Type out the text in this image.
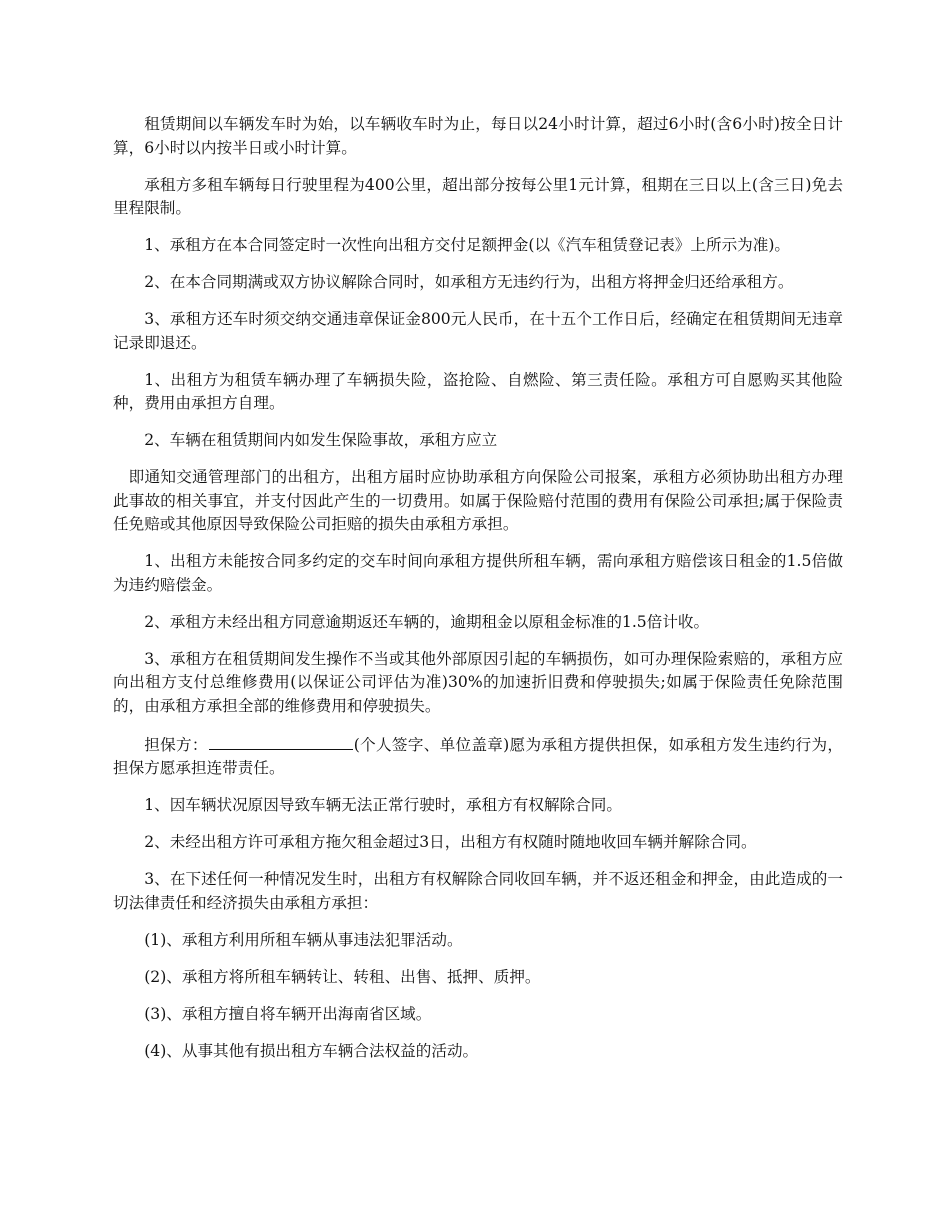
租赁期间以车辆发车时为始，以车辆收车时为止，每日以24小时计算，超过6小时(含6小时)按全日计算，6小时以内按半日或小时计算。

承租方多租车辆每日行驶里程为400公里，超出部分按每公里1元计算，租期在三日以上(含三日)免去里程限制。

1、承租方在本合同签定时一次性向出租方交付足额押金(以《汽车租赁登记表》上所示为准)。

2、在本合同期满或双方协议解除合同时，如承租方无违约行为，出租方将押金归还给承租方。

3、承租方还车时须交纳交通违章保证金800元人民币，在十五个工作日后，经确定在租赁期间无违章记录即退还。

1、出租方为租赁车辆办理了车辆损失险，盗抢险、自燃险、第三责任险。承租方可自愿购买其他险种，费用由承担方自理。

2、车辆在租赁期间内如发生保险事故，承租方应立

即通知交通管理部门的出租方，出租方届时应协助承租方向保险公司报案，承租方必须协助出租方办理此事故的相关事宜，并支付因此产生的一切费用。如属于保险赔付范围的费用有保险公司承担;属于保险责任免赔或其他原因导致保险公司拒赔的损失由承租方承担。

1、出租方未能按合同多约定的交车时间向承租方提供所租车辆，需向承租方赔偿该日租金的1.5倍做为违约赔偿金。

2、承租方未经出租方同意逾期返还车辆的，逾期租金以原租金标准的1.5倍计收。

3、承租方在租赁期间发生操作不当或其他外部原因引起的车辆损伤，如可办理保险索赔的，承租方应向出租方支付总维修费用(以保证公司评估为准)30%的加速折旧费和停驶损失;如属于保险责任免除范围的，由承租方承担全部的维修费用和停驶损失。

担保方：	(个人签字、单位盖章)愿为承租方提供担保，如承租方发生违约行为，担保方愿承担连带责任。

1、因车辆状况原因导致车辆无法正常行驶时，承租方有权解除合同。

2、未经出租方许可承租方拖欠租金超过3日，出租方有权随时随地收回车辆并解除合同。

3、在下述任何一种情况发生时，出租方有权解除合同收回车辆，并不返还租金和押金，由此造成的一切法律责任和经济损失由承租方承担：

(1)、承租方利用所租车辆从事违法犯罪活动。

(2)、承租方将所租车辆转让、转租、出售、抵押、质押。

(3)、承租方擅自将车辆开出海南省区域。

(4)、从事其他有损出租方车辆合法权益的活动。
